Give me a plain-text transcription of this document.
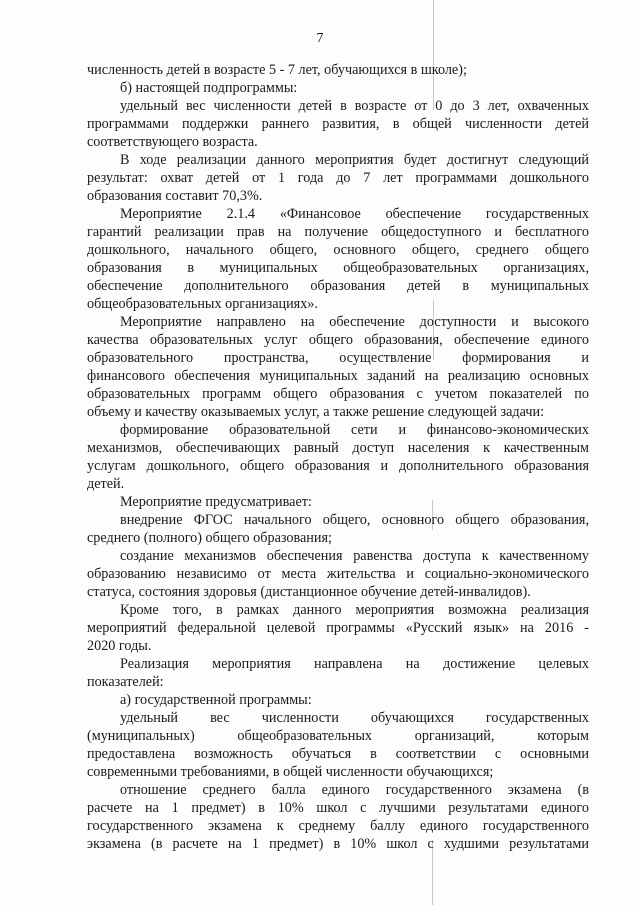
7
численность детей в возрасте 5 - 7 лет, обучающихся в школе);
б) настоящей подпрограммы:
удельный вес численности детей в возрасте от 0 до 3 лет, охваченных
программами поддержки раннего развития, в общей численности детей
соответствующего возраста.
В ходе реализации данного мероприятия будет достигнут следующий
результат: охват детей от 1 года до 7 лет программами дошкольного
образования составит 70,3%.
Мероприятие 2.1.4 «Финансовое обеспечение государственных
гарантий реализации прав на получение общедоступного и бесплатного
дошкольного, начального общего, основного общего, среднего общего
образования в муниципальных общеобразовательных организациях,
обеспечение дополнительного образования детей в муниципальных
общеобразовательных организациях».
Мероприятие направлено на обеспечение доступности и высокого
качества образовательных услуг общего образования, обеспечение единого
образовательного пространства, осуществление формирования и
финансового обеспечения муниципальных заданий на реализацию основных
образовательных программ общего образования с учетом показателей по
объему и качеству оказываемых услуг, а также решение следующей задачи:
формирование образовательной сети и финансово-экономических
механизмов, обеспечивающих равный доступ населения к качественным
услугам дошкольного, общего образования и дополнительного образования
детей.
Мероприятие предусматривает:
внедрение ФГОС начального общего, основного общего образования,
среднего (полного) общего образования;
создание механизмов обеспечения равенства доступа к качественному
образованию независимо от места жительства и социально-экономического
статуса, состояния здоровья (дистанционное обучение детей-инвалидов).
Кроме того, в рамках данного мероприятия возможна реализация
мероприятий федеральной целевой программы «Русский язык» на 2016 -
2020 годы.
Реализация мероприятия направлена на достижение целевых
показателей:
а) государственной программы:
удельный вес численности обучающихся государственных
(муниципальных) общеобразовательных организаций, которым
предоставлена возможность обучаться в соответствии с основными
современными требованиями, в общей численности обучающихся;
отношение среднего балла единого государственного экзамена (в
расчете на 1 предмет) в 10% школ с лучшими результатами единого
государственного экзамена к среднему баллу единого государственного
экзамена (в расчете на 1 предмет) в 10% школ с худшими результатами
